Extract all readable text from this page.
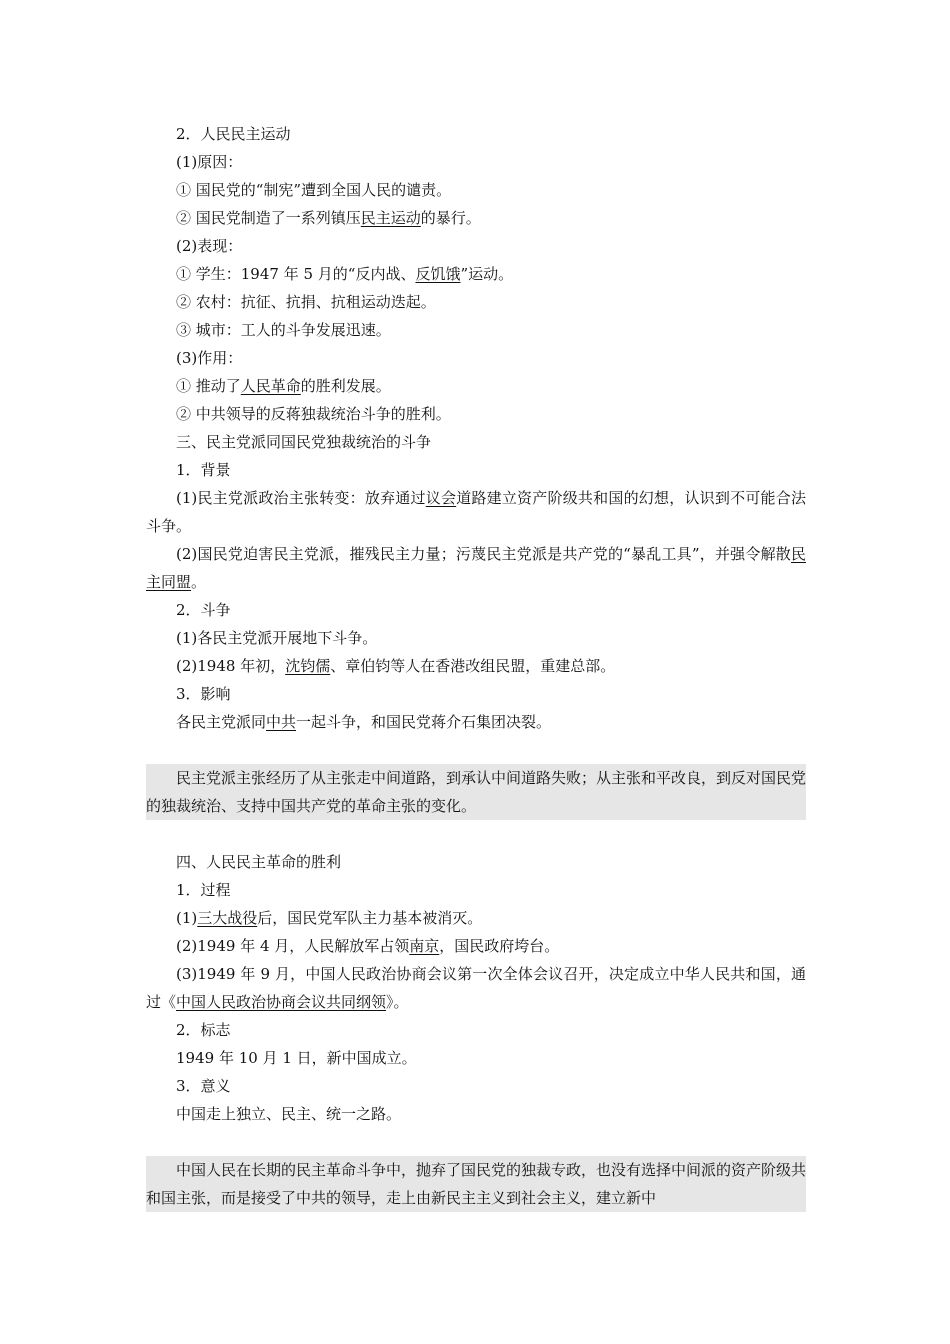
2．人民民主运动
(1)原因：
① 国民党的“制宪”遭到全国人民的谴责。
② 国民党制造了一系列镇压民主运动的暴行。
(2)表现：
① 学生：1947 年 5 月的“反内战、反饥饿”运动。
② 农村：抗征、抗捐、抗租运动迭起。
③ 城市：工人的斗争发展迅速。
(3)作用：
① 推动了人民革命的胜利发展。
② 中共领导的反蒋独裁统治斗争的胜利。
三、民主党派同国民党独裁统治的斗争
1．背景
(1)民主党派政治主张转变：放弃通过议会道路建立资产阶级共和国的幻想，认识到不可能合法斗争。
(2)国民党迫害民主党派，摧残民主力量；污蔑民主党派是共产党的“暴乱工具”，并强令解散民主同盟。
2．斗争
(1)各民主党派开展地下斗争。
(2)1948 年初，沈钧儒、章伯钧等人在香港改组民盟，重建总部。
3．影响
各民主党派同中共一起斗争，和国民党蒋介石集团决裂。
民主党派主张经历了从主张走中间道路，到承认中间道路失败；从主张和平改良，到反对国民党的独裁统治、支持中国共产党的革命主张的变化。
四、人民民主革命的胜利
1．过程
(1)三大战役后，国民党军队主力基本被消灭。
(2)1949 年 4 月，人民解放军占领南京，国民政府垮台。
(3)1949 年 9 月，中国人民政治协商会议第一次全体会议召开，决定成立中华人民共和国，通过《中国人民政治协商会议共同纲领》。
2．标志
1949 年 10 月 1 日，新中国成立。
3．意义
中国走上独立、民主、统一之路。
中国人民在长期的民主革命斗争中，抛弃了国民党的独裁专政，也没有选择中间派的资产阶级共和国主张，而是接受了中共的领导，走上由新民主主义到社会主义，建立新中
